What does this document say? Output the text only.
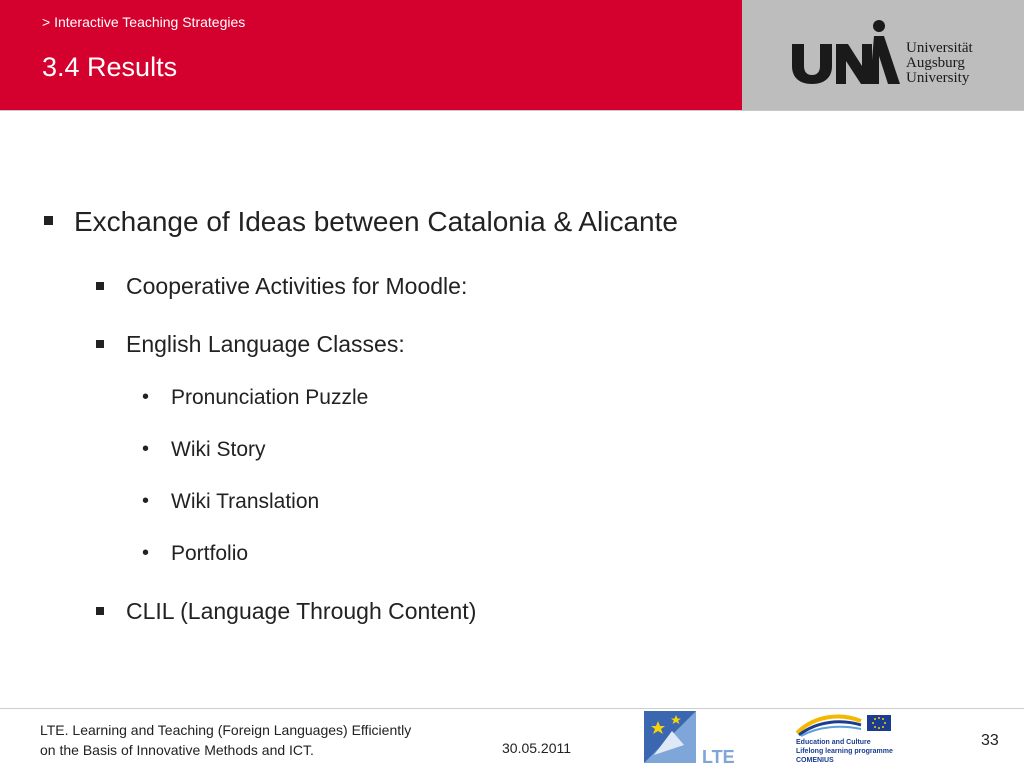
> Interactive Teaching Strategies
3.4 Results
Universität
Augsburg
University
Exchange of Ideas between Catalonia & Alicante
Cooperative Activities for Moodle:
English Language Classes:
• Pronunciation Puzzle
• Wiki Story
• Wiki Translation
• Portfolio
CLIL (Language Through Content)
LTE. Learning and Teaching (Foreign Languages) Efficiently
on the Basis of Innovative Methods and ICT.	30.05.2011	LTE
Education and Culture
Lifelong learning programme
COMENIUS
33
